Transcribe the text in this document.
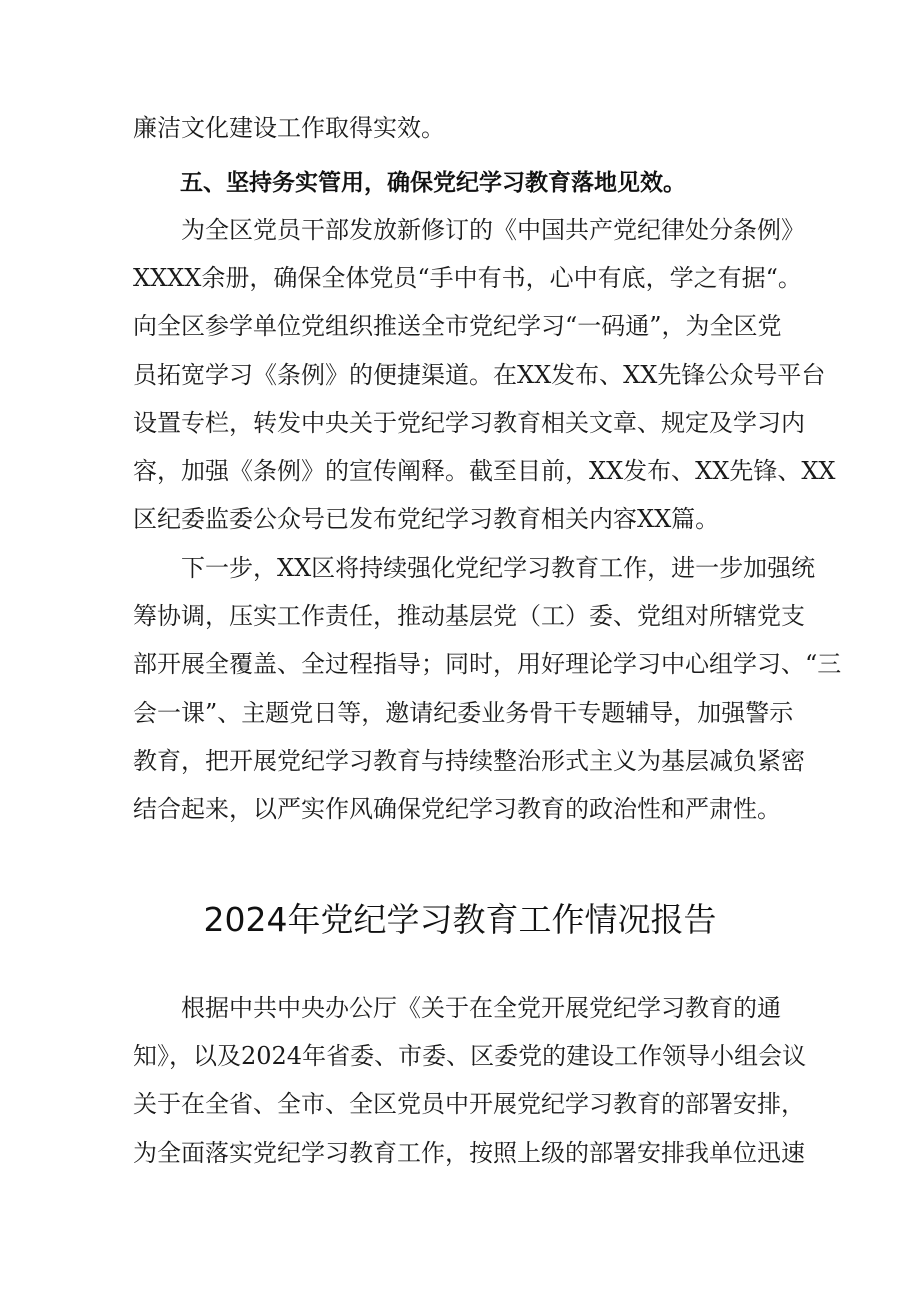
廉洁文化建设工作取得实效。
五、坚持务实管用，确保党纪学习教育落地见效。
　　为全区党员干部发放新修订的《中国共产党纪律处分条例》
XXXX余册，确保全体党员“手中有书，心中有底，学之有据“。
向全区参学单位党组织推送全市党纪学习“一码通”，为全区党
员拓宽学习《条例》的便捷渠道。在XX发布、XX先锋公众号平台
设置专栏，转发中央关于党纪学习教育相关文章、规定及学习内
容，加强《条例》的宣传阐释。截至目前，XX发布、XX先锋、XX
区纪委监委公众号已发布党纪学习教育相关内容XX篇。
　　下一步，XX区将持续强化党纪学习教育工作，进一步加强统
筹协调，压实工作责任，推动基层党（工）委、党组对所辖党支
部开展全覆盖、全过程指导；同时，用好理论学习中心组学习、“三
会一课”、主题党日等，邀请纪委业务骨干专题辅导，加强警示
教育，把开展党纪学习教育与持续整治形式主义为基层减负紧密
结合起来，以严实作风确保党纪学习教育的政治性和严肃性。
2024年党纪学习教育工作情况报告
　　根据中共中央办公厅《关于在全党开展党纪学习教育的通
知》，以及2024年省委、市委、区委党的建设工作领导小组会议
关于在全省、全市、全区党员中开展党纪学习教育的部署安排，
为全面落实党纪学习教育工作，按照上级的部署安排我单位迅速
